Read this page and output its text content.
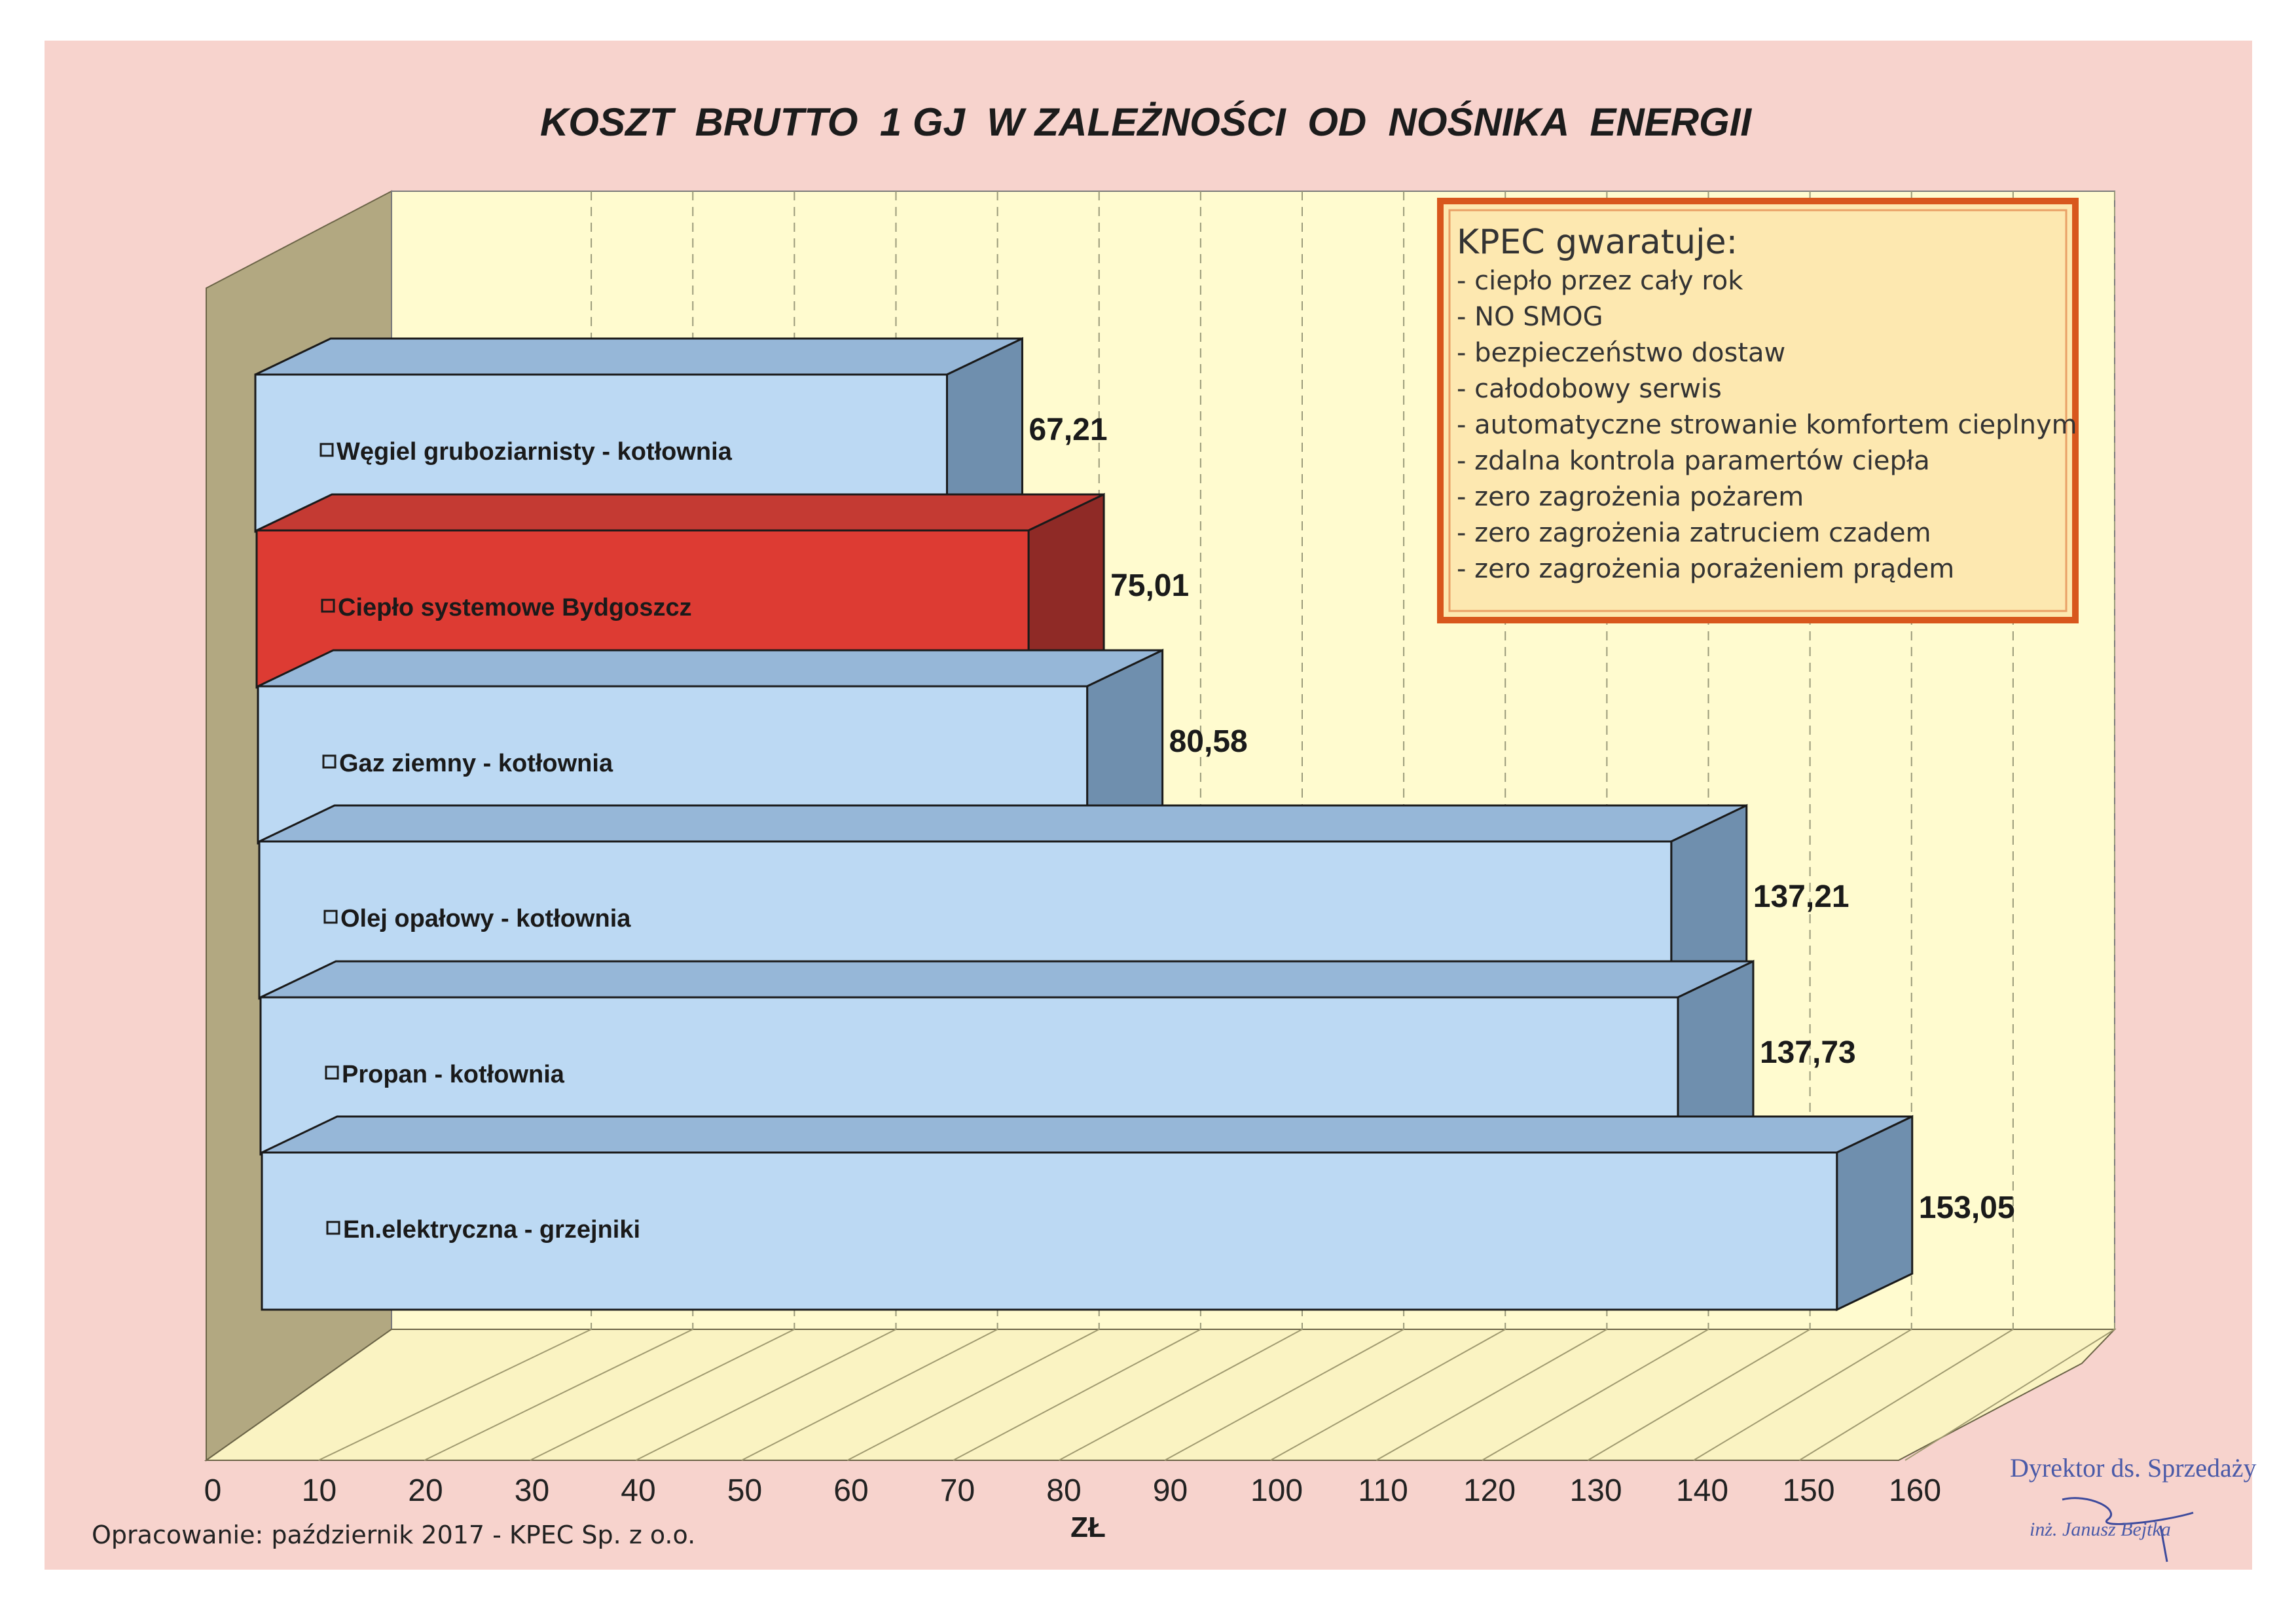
0	10 20 30 40 50 60 70 80 90 100 110 120 130 140 150 160
Węgiel gruboziarnisty - kotłownia
67,21
Ciepło systemowe Bydgoszcz
75,01
Gaz ziemny - kotłownia
80,58
Olej opałowy - kotłownia
137,21
Propan - kotłownia
137,73
En.elektryczna - grzejniki
153,05
KOSZT  BRUTTO  1 GJ  W ZALEŻNOŚCI  OD  NOŚNIKA  ENERGII
KPEC gwaratuje:
- ciepło przez cały rok
- NO SMOG
- bezpieczeństwo dostaw
- całodobowy serwis
- automatyczne strowanie komfortem cieplnym
- zdalna kontrola paramertów ciepła
- zero zagrożenia pożarem
- zero zagrożenia zatruciem czadem
- zero zagrożenia porażeniem prądem
ZŁ
Opracowanie: październik 2017 - KPEC Sp. z o.o.
Dyrektor ds. Sprzedaży
inż. Janusz Bejtka
